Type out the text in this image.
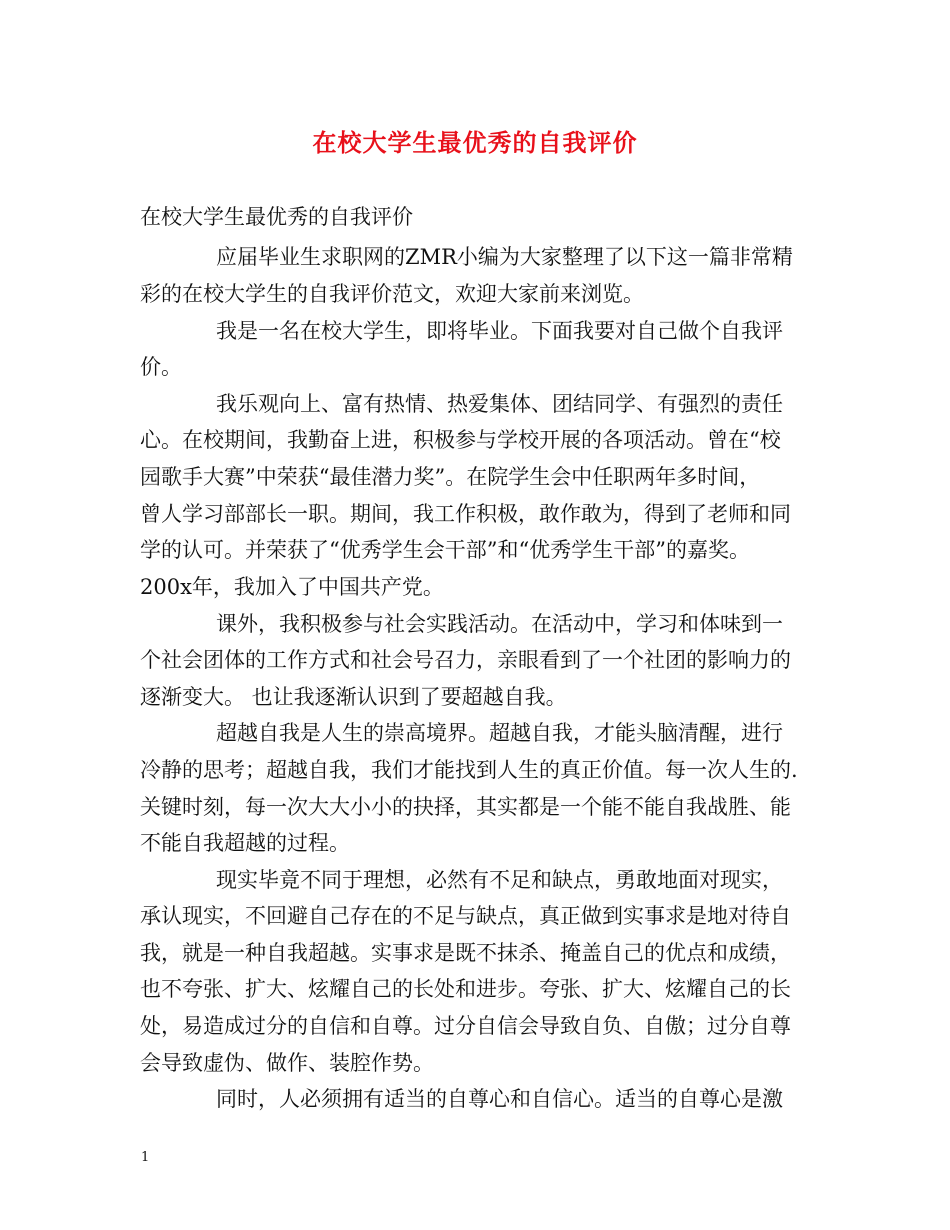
在校大学生最优秀的自我评价
在校大学生最优秀的自我评价
应届毕业生求职网的ZMR小编为大家整理了以下这一篇非常精
彩的在校大学生的自我评价范文，欢迎大家前来浏览。
我是一名在校大学生，即将毕业。下面我要对自己做个自我评
价。
我乐观向上、富有热情、热爱集体、团结同学、有强烈的责任
心。在校期间，我勤奋上进，积极参与学校开展的各项活动。曾在“校
园歌手大赛”中荣获“最佳潜力奖”。在院学生会中任职两年多时间，
曾人学习部部长一职。期间，我工作积极，敢作敢为，得到了老师和同
学的认可。并荣获了“优秀学生会干部”和“优秀学生干部”的嘉奖。
200x年，我加入了中国共产党。
课外，我积极参与社会实践活动。在活动中，学习和体味到一
个社会团体的工作方式和社会号召力，亲眼看到了一个社团的影响力的
逐渐变大。 也让我逐渐认识到了要超越自我。
超越自我是人生的崇高境界。超越自我，才能头脑清醒，进行
冷静的思考；超越自我，我们才能找到人生的真正价值。每一次人生的.
关键时刻，每一次大大小小的抉择，其实都是一个能不能自我战胜、能
不能自我超越的过程。
现实毕竟不同于理想，必然有不足和缺点，勇敢地面对现实，
承认现实，不回避自己存在的不足与缺点，真正做到实事求是地对待自
我，就是一种自我超越。实事求是既不抹杀、掩盖自己的优点和成绩，
也不夸张、扩大、炫耀自己的长处和进步。夸张、扩大、炫耀自己的长
处，易造成过分的自信和自尊。过分自信会导致自负、自傲；过分自尊
会导致虚伪、做作、装腔作势。
同时，人必须拥有适当的自尊心和自信心。适当的自尊心是激
1
